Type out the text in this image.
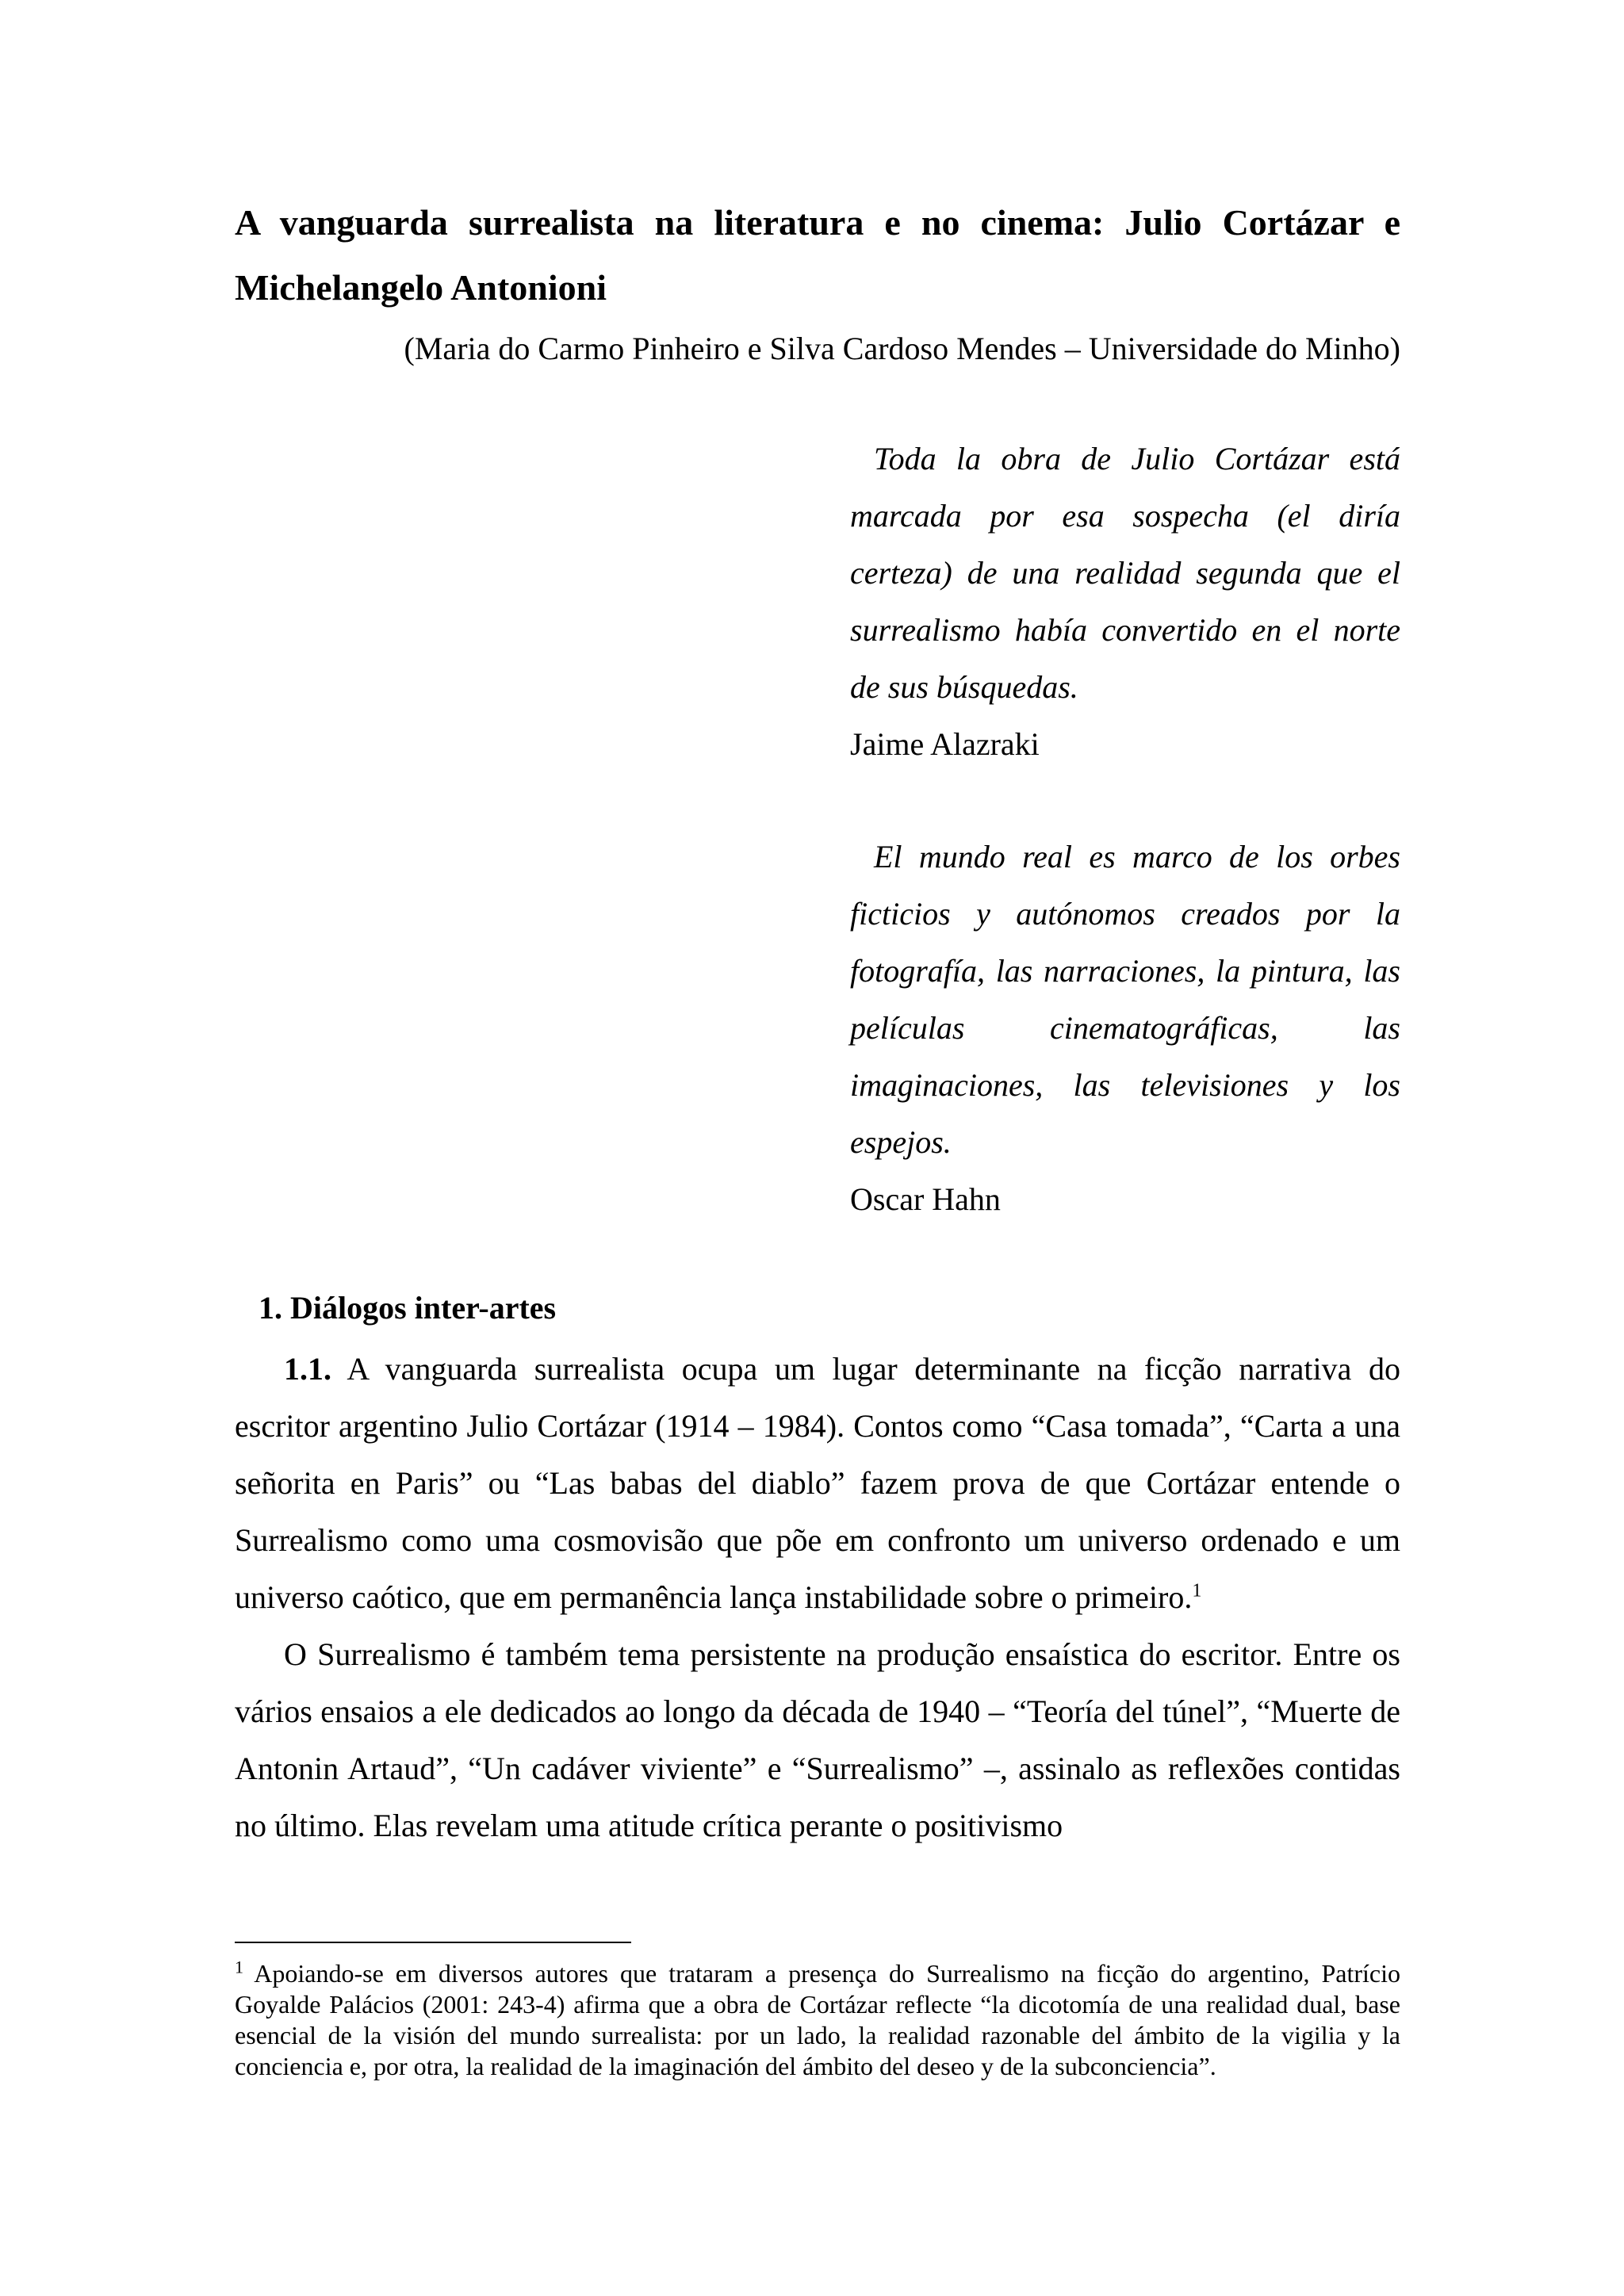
A vanguarda surrealista na literatura e no cinema: Julio Cortázar e Michelangelo Antonioni

(Maria do Carmo Pinheiro e Silva Cardoso Mendes – Universidade do Minho)

Toda la obra de Julio Cortázar está marcada por esa sospecha (el diría certeza) de una realidad segunda que el surrealismo había convertido en el norte de sus búsquedas.

Jaime Alazraki

El mundo real es marco de los orbes ficticios y autónomos creados por la fotografía, las narraciones, la pintura, las películas cinematográficas, las imaginaciones, las televisiones y los espejos.

Oscar Hahn

1. Diálogos inter-artes

1.1. A vanguarda surrealista ocupa um lugar determinante na ficção narrativa do escritor argentino Julio Cortázar (1914 – 1984). Contos como “Casa tomada”, “Carta a una señorita en Paris” ou “Las babas del diablo” fazem prova de que Cortázar entende o Surrealismo como uma cosmovisão que põe em confronto um universo ordenado e um universo caótico, que em permanência lança instabilidade sobre o primeiro.$^1$

O Surrealismo é também tema persistente na produção ensaística do escritor. Entre os vários ensaios a ele dedicados ao longo da década de 1940 – “Teoría del túnel”, “Muerte de Antonin Artaud”, “Un cadáver viviente” e “Surrealismo” –, assinalo as reflexões contidas no último. Elas revelam uma atitude crítica perante o positivismo

$^1$ Apoiando-se em diversos autores que trataram a presença do Surrealismo na ficção do argentino, Patrício Goyalde Palácios (2001: 243-4) afirma que a obra de Cortázar reflecte “la dicotomía de una realidad dual, base esencial de la visión del mundo surrealista: por un lado, la realidad razonable del ámbito de la vigilia y la conciencia e, por otra, la realidad de la imaginación del ámbito del deseo y de la subconciencia”.
